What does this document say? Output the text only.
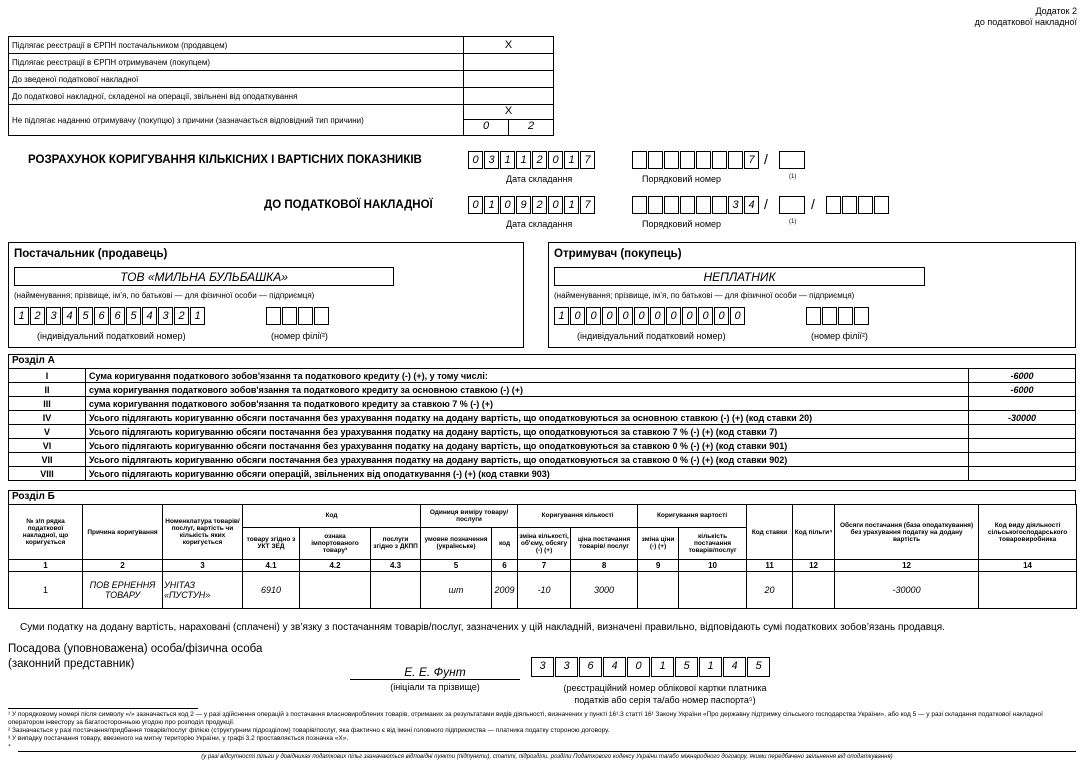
Додаток 2
до податкової накладної
Підлягає реєстрації в ЄРПН постачальником (продавцем)	Х
Підлягає реєстрації в ЄРПН отримувачем (покупцем)	
До зведеної податкової накладної	
До податкової накладної, складеної на операції, звільнені від оподаткування	
Не підлягає наданню отримувачу (покупцю) з причини (зазначається відповідний тип причини)	Х
0 2
РОЗРАХУНОК КОРИГУВАННЯ КІЛЬКІСНИХ І ВАРТІСНИХ ПОКАЗНИКІВ	0 3 1 1 2 0 1 7
Дата складання
7 /
Порядковий номер	(1)
ДО ПОДАТКОВОЇ НАКЛАДНОЇ	0 1 0 9 2 0 1 7
Дата складання
3 4 /	/
Порядковий номер	(1)
Постачальник (продавець)
ТОВ «МИЛЬНА БУЛЬБАШКА»
(найменування; прізвище, ім’я, по батькові — для фізичної особи — підприємця)
1 2 3 4 5 6 6 5 4 3 2 1
(індивідуальний податковий номер)	(номер філії²)
Отримувач (покупець)
НЕПЛАТНИК
(найменування; прізвище, ім’я, по батькові — для фізичної особи — підприємця)
1 0 0 0 0 0 0 0 0 0 0 0
(індивідуальний податковий номер)	(номер філії²)
Розділ А
І	Сума коригування податкового зобов'язання та податкового кредиту (-) (+), у тому числі:	-6000
ІІ	сума коригування податкового зобов'язання та податкового кредиту за основною ставкою (-) (+)	-6000
ІІІ	сума коригування податкового зобов'язання та податкового кредиту за ставкою 7 % (-) (+)	
ІV	Усього підлягають коригуванню обсяги постачання без урахування податку на додану вартість, що оподатковуються за основною ставкою (-) (+) (код ставки 20)	-30000
V	Усього підлягають коригуванню обсяги постачання без урахування податку на додану вартість, що оподатковуються за ставкою 7 % (-) (+) (код ставки 7)	
VІ	Усього підлягають коригуванню обсяги постачання без урахування податку на додану вартість, що оподатковуються за ставкою 0 % (-) (+) (код ставки 901)	
VІІ	Усього підлягають коригуванню обсяги постачання без урахування податку на додану вартість, що оподатковуються за ставкою 0 % (-) (+) (код ставки 902)	
VІІІ	Усього підлягають коригуванню обсяги операцій, звільнених від оподаткування (-) (+) (код ставки 903)	
Розділ Б
№ з/п рядка податкової накладної, що коригується	Причина коригування	Номенклатура товарів/послуг, вартість чи кількість яких коригується	Код			Одиниця виміру товару/ послуги		Коригування кількості		Коригування вартості		Код ставки	Код пільги⁴	Обсяги постачання (база оподаткування) без урахування податку на додану вартість	Код виду діяльності сільськогосподарського товаровиробника
			товару згідно з УКТ ЗЕД	ознака імпортованого товару³	послуги згідно з ДКПП	умовне позначення (українське)	код	зміна кількості, об'єму, обсягу (-) (+)	ціна постачання товарів/ послуг	зміна ціни (-) (+)	кількість постачання товарів/послуг				
1	2	3	4.1	4.2	4.3	5	6	7	8	9	10	11	12	12	14
1	ПОВ ЕРНЕННЯ ТОВАРУ	УНІТАЗ «ПУСТУН»	6910			шт	2009	-10	3000			20		-30000	
Суми податку на додану вартість, нараховані (сплачені) у зв’язку з постачанням товарів/послуг, зазначених у цій накладній, визначені правильно, відповідають сумі податкових зобов’язань продавця.
Посадова (уповноважена) особа/фізична особа
(законний представник)
Е. Е. Фунт
(ініціали та прізвище)
3	3	6	4	0	1	5	1	4	5
(реєстраційний номер облікової картки платника
податків або серія та/або номер паспорта⁵)
¹ У порядковому номері після символу «/» зазначається код 2 — у разі здійснення операцій з постачання власновироблених товарів, отриманих за результатами видів діяльності, визначених у пункті 16¹.3 статті 16¹ Закону України «Про державну підтримку сільського господарства України», або код 5 — у разі складання податкової накладної оператором інвестору за багатосторонньою угодою про розподіл продукції.
² Зазначається у разі постачання/придбання товарів/послуг філією (структурним підрозділом) товарів/послуг, яка фактично є від імені головного підприємства — платника податку стороною договору.
³ У випадку постачання товару, ввезеного на митну територію України, у графі 3.2 проставляється позначка «Х».
⁴
(у разі відсутності пільги у довідниках податкових пільг зазначаються відповідні пункти (підпункти), статті, підрозділи, розділи Податкового кодексу України та/або міжнародного договору, якими передбачено звільнення від оподаткування)
